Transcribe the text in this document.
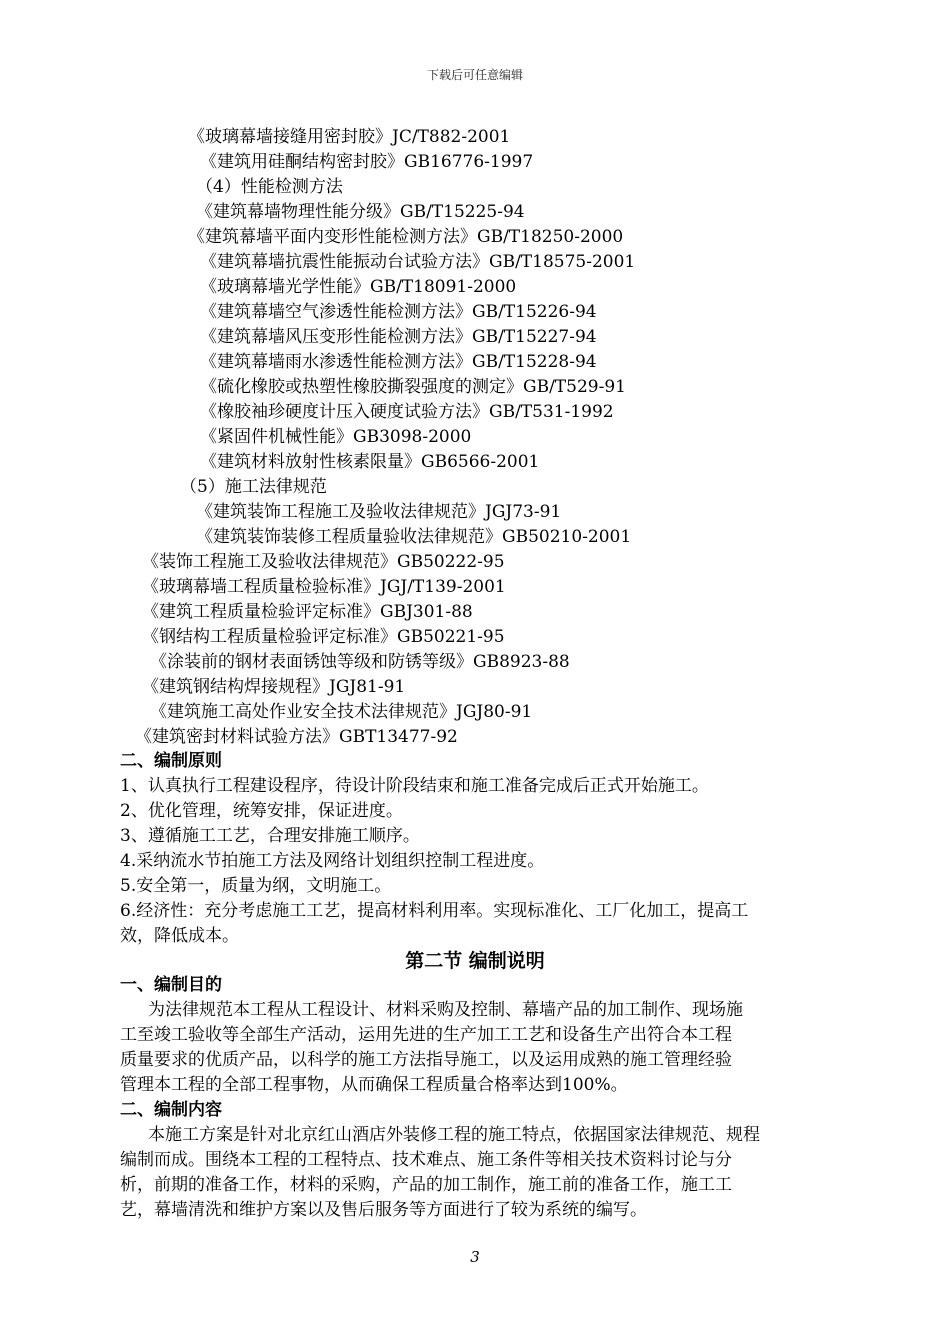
下载后可任意编辑
《玻璃幕墙接缝用密封胶》JC/T882-2001
《建筑用硅酮结构密封胶》GB16776-1997
（4）性能检测方法
《建筑幕墙物理性能分级》GB/T15225-94
《建筑幕墙平面内变形性能检测方法》GB/T18250-2000
《建筑幕墙抗震性能振动台试验方法》GB/T18575-2001
《玻璃幕墙光学性能》GB/T18091-2000
《建筑幕墙空气渗透性能检测方法》GB/T15226-94
《建筑幕墙风压变形性能检测方法》GB/T15227-94
《建筑幕墙雨水渗透性能检测方法》GB/T15228-94
《硫化橡胶或热塑性橡胶撕裂强度的测定》GB/T529-91
《橡胶袖珍硬度计压入硬度试验方法》GB/T531-1992
《紧固件机械性能》GB3098-2000
《建筑材料放射性核素限量》GB6566-2001
（5）施工法律规范
《建筑装饰工程施工及验收法律规范》JGJ73-91
《建筑装饰装修工程质量验收法律规范》GB50210-2001
《装饰工程施工及验收法律规范》GB50222-95
《玻璃幕墙工程质量检验标准》JGJ/T139-2001
《建筑工程质量检验评定标准》GBJ301-88
《钢结构工程质量检验评定标准》GB50221-95
《涂装前的钢材表面锈蚀等级和防锈等级》GB8923-88
《建筑钢结构焊接规程》JGJ81-91
《建筑施工高处作业安全技术法律规范》JGJ80-91
《建筑密封材料试验方法》GBT13477-92
二、编制原则
1、认真执行工程建设程序，待设计阶段结束和施工准备完成后正式开始施工。
2、优化管理，统筹安排，保证进度。
3、遵循施工工艺，合理安排施工顺序。
4.采纳流水节拍施工方法及网络计划组织控制工程进度。
5.安全第一，质量为纲，文明施工。
6.经济性：充分考虑施工工艺，提高材料利用率。实现标准化、工厂化加工，提高工
效，降低成本。
第二节 编制说明
一、编制目的
为法律规范本工程从工程设计、材料采购及控制、幕墙产品的加工制作、现场施
工至竣工验收等全部生产活动，运用先进的生产加工工艺和设备生产出符合本工程
质量要求的优质产品，以科学的施工方法指导施工，以及运用成熟的施工管理经验
管理本工程的全部工程事物，从而确保工程质量合格率达到100%。
二、编制内容
本施工方案是针对北京红山酒店外装修工程的施工特点，依据国家法律规范、规程
编制而成。围绕本工程的工程特点、技术难点、施工条件等相关技术资料讨论与分
析，前期的准备工作，材料的采购，产品的加工制作，施工前的准备工作，施工工
艺，幕墙清洗和维护方案以及售后服务等方面进行了较为系统的编写。
3
